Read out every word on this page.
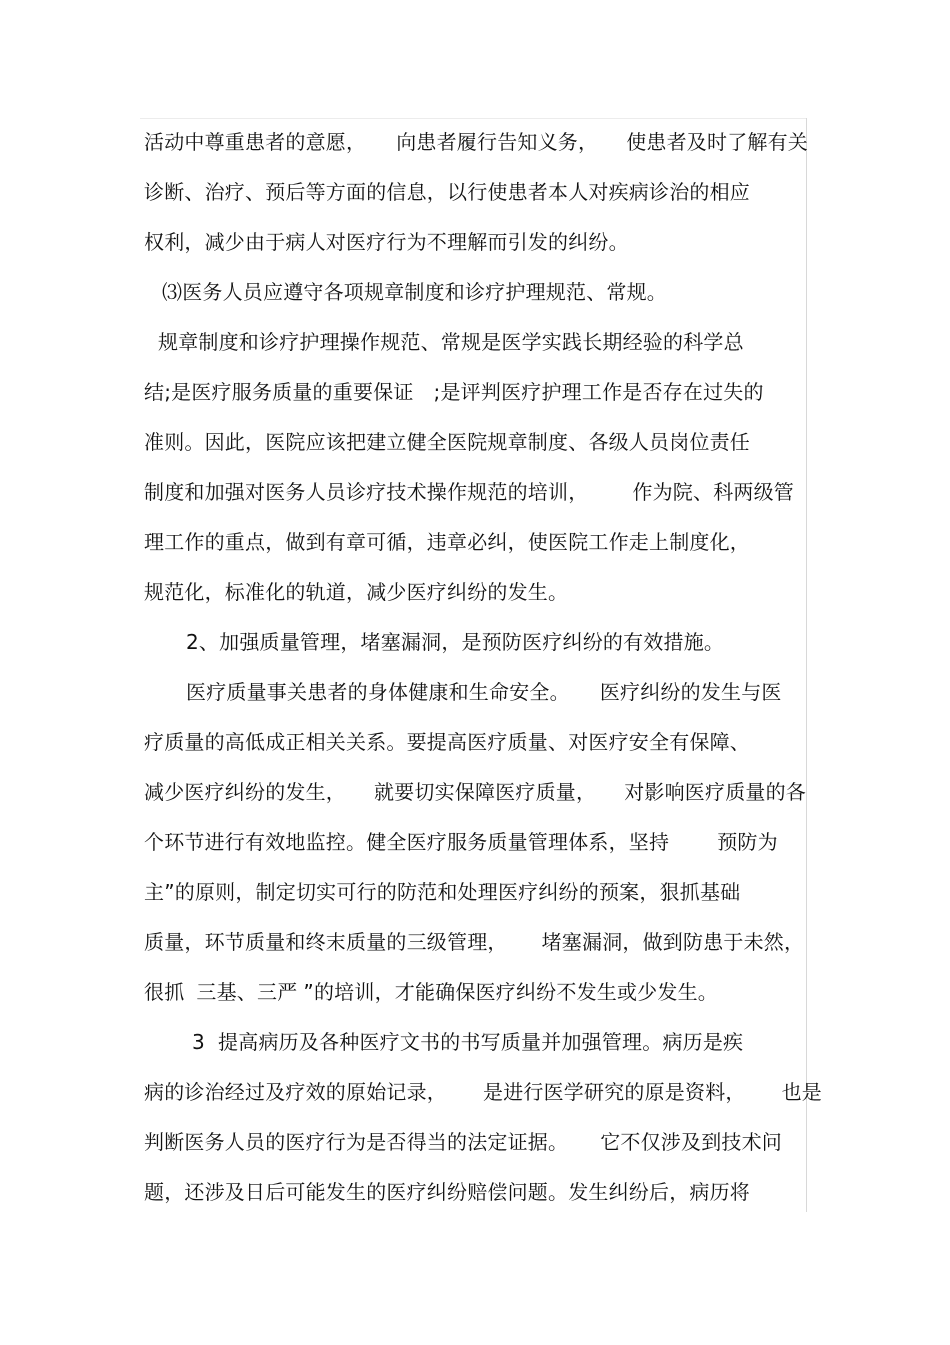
活动中尊重患者的意愿， 向患者履行告知义务， 使患者及时了解有关
诊断、治疗、预后等方面的信息，以行使患者本人对疾病诊治的相应
权利，减少由于病人对医疗行为不理解而引发的纠纷。
⑶医务人员应遵守各项规章制度和诊疗护理规范、常规。
规章制度和诊疗护理操作规范、常规是医学实践长期经验的科学总
结;是医疗服务质量的重要保证 ;是评判医疗护理工作是否存在过失的
准则。因此，医院应该把建立健全医院规章制度、各级人员岗位责任
制度和加强对医务人员诊疗技术操作规范的培训， 作为院、科两级管
理工作的重点，做到有章可循，违章必纠，使医院工作走上制度化，
规范化，标准化的轨道，减少医疗纠纷的发生。
2、加强质量管理，堵塞漏洞，是预防医疗纠纷的有效措施。
医疗质量事关患者的身体健康和生命安全。 医疗纠纷的发生与医
疗质量的高低成正相关关系。要提高医疗质量、对医疗安全有保障、
减少医疗纠纷的发生， 就要切实保障医疗质量， 对影响医疗质量的各
个环节进行有效地监控。健全医疗服务质量管理体系，坚持 预防为
主”的原则，制定切实可行的防范和处理医疗纠纷的预案，狠抓基础
质量，环节质量和终末质量的三级管理， 堵塞漏洞，做到防患于未然，
很抓 三基、三严 ”的培训，才能确保医疗纠纷不发生或少发生。
3  提高病历及各种医疗文书的书写质量并加强管理。病历是疾
病的诊治经过及疗效的原始记录， 是进行医学研究的原是资料， 也是
判断医务人员的医疗行为是否得当的法定证据。 它不仅涉及到技术问
题，还涉及日后可能发生的医疗纠纷赔偿问题。发生纠纷后，病历将
